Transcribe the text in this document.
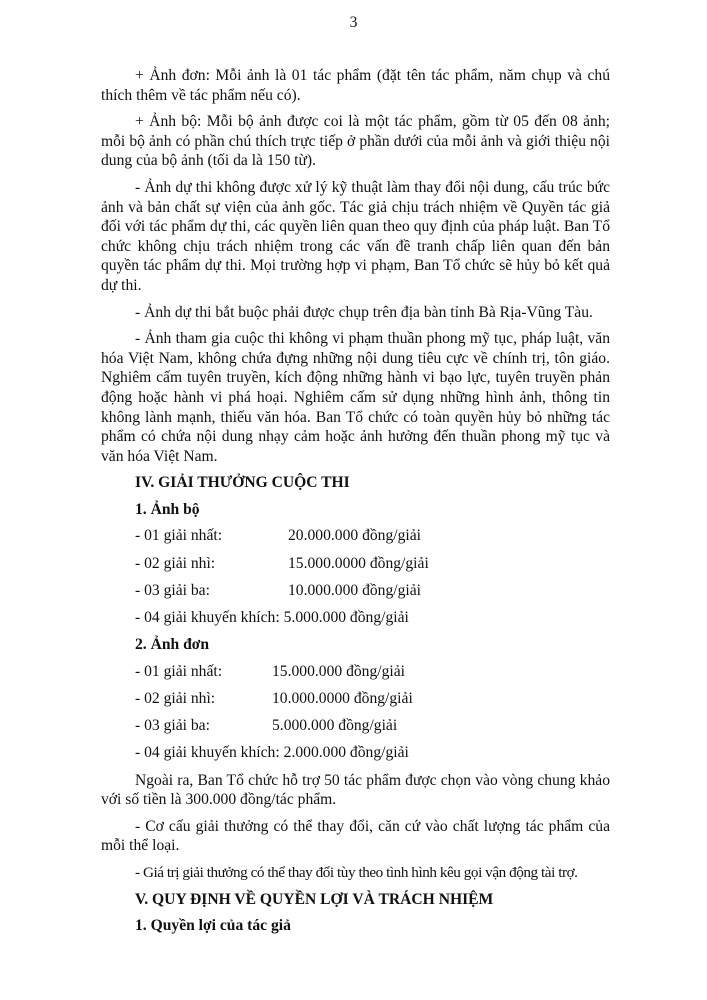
3

+ Ảnh đơn: Mỗi ảnh là 01 tác phẩm (đặt tên tác phẩm, năm chụp và chú thích thêm về tác phẩm nếu có).

+ Ảnh bộ: Mỗi bộ ảnh được coi là một tác phẩm, gồm từ 05 đến 08 ảnh; mỗi bộ ảnh có phần chú thích trực tiếp ở phần dưới của mỗi ảnh và giới thiệu nội dung của bộ ảnh (tối da là 150 từ).

- Ảnh dự thi không được xử lý kỹ thuật làm thay đổi nội dung, cấu trúc bức ảnh và bản chất sự viện của ảnh gốc. Tác giả chịu trách nhiệm về Quyền tác giả đối với tác phẩm dự thi, các quyền liên quan theo quy định của pháp luật. Ban Tổ chức không chịu trách nhiệm trong các vấn đề tranh chấp liên quan đến bản quyền tác phẩm dự thi. Mọi trường hợp vi phạm, Ban Tổ chức sẽ hủy bỏ kết quả dự thi.

- Ảnh dự thi bắt buộc phải được chụp trên địa bàn tỉnh Bà Rịa-Vũng Tàu.

- Ảnh tham gia cuộc thi không vi phạm thuần phong mỹ tục, pháp luật, văn hóa Việt Nam, không chứa đựng những nội dung tiêu cực về chính trị, tôn giáo. Nghiêm cấm tuyên truyền, kích động những hành vi bạo lực, tuyên truyền phản động hoặc hành vi phá hoại. Nghiêm cấm sử dụng những hình ảnh, thông tin không lành mạnh, thiếu văn hóa. Ban Tổ chức có toàn quyền hủy bỏ những tác phẩm có chứa nội dung nhạy cảm hoặc ảnh hưởng đến thuần phong mỹ tục và văn hóa Việt Nam.

IV. GIẢI THƯỞNG CUỘC THI
1. Ảnh bộ
- 01 giải nhất:	20.000.000 đồng/giải
- 02 giải nhì:	15.000.0000 đồng/giải
- 03 giải ba:	10.000.000 đồng/giải
- 04 giải khuyến khích: 5.000.000 đồng/giải
2. Ảnh đơn
- 01 giải nhất:	15.000.000 đồng/giải
- 02 giải nhì:	10.000.0000 đồng/giải
- 03 giải ba:	5.000.000 đồng/giải
- 04 giải khuyến khích: 2.000.000 đồng/giải

Ngoài ra, Ban Tổ chức hỗ trợ 50 tác phẩm được chọn vào vòng chung khảo với số tiền là 300.000 đồng/tác phẩm.

- Cơ cấu giải thưởng có thể thay đổi, căn cứ vào chất lượng tác phẩm của mỗi thể loại.

- Giá trị giải thưởng có thể thay đổi tùy theo tình hình kêu gọi vận động tài trợ.

V. QUY ĐỊNH VỀ QUYỀN LỢI VÀ TRÁCH NHIỆM
1. Quyền lợi của tác giả
